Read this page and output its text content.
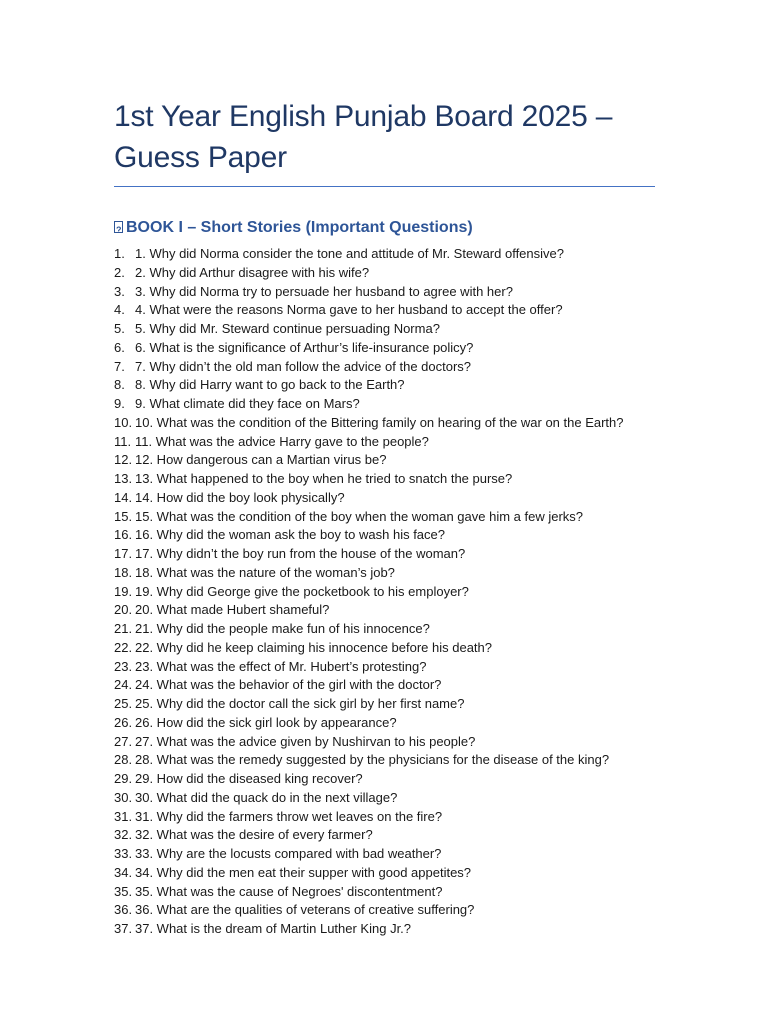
1st Year English Punjab Board 2025 –
Guess Paper
?BOOK I – Short Stories (Important Questions)
1. 1. Why did Norma consider the tone and attitude of Mr. Steward offensive?
2. 2. Why did Arthur disagree with his wife?
3. 3. Why did Norma try to persuade her husband to agree with her?
4. 4. What were the reasons Norma gave to her husband to accept the offer?
5. 5. Why did Mr. Steward continue persuading Norma?
6. 6. What is the significance of Arthur’s life-insurance policy?
7. 7. Why didn’t the old man follow the advice of the doctors?
8. 8. Why did Harry want to go back to the Earth?
9. 9. What climate did they face on Mars?
10. 10. What was the condition of the Bittering family on hearing of the war on the Earth?
11. 11. What was the advice Harry gave to the people?
12. 12. How dangerous can a Martian virus be?
13. 13. What happened to the boy when he tried to snatch the purse?
14. 14. How did the boy look physically?
15. 15. What was the condition of the boy when the woman gave him a few jerks?
16. 16. Why did the woman ask the boy to wash his face?
17. 17. Why didn’t the boy run from the house of the woman?
18. 18. What was the nature of the woman’s job?
19. 19. Why did George give the pocketbook to his employer?
20. 20. What made Hubert shameful?
21. 21. Why did the people make fun of his innocence?
22. 22. Why did he keep claiming his innocence before his death?
23. 23. What was the effect of Mr. Hubert’s protesting?
24. 24. What was the behavior of the girl with the doctor?
25. 25. Why did the doctor call the sick girl by her first name?
26. 26. How did the sick girl look by appearance?
27. 27. What was the advice given by Nushirvan to his people?
28. 28. What was the remedy suggested by the physicians for the disease of the king?
29. 29. How did the diseased king recover?
30. 30. What did the quack do in the next village?
31. 31. Why did the farmers throw wet leaves on the fire?
32. 32. What was the desire of every farmer?
33. 33. Why are the locusts compared with bad weather?
34. 34. Why did the men eat their supper with good appetites?
35. 35. What was the cause of Negroes' discontentment?
36. 36. What are the qualities of veterans of creative suffering?
37. 37. What is the dream of Martin Luther King Jr.?
